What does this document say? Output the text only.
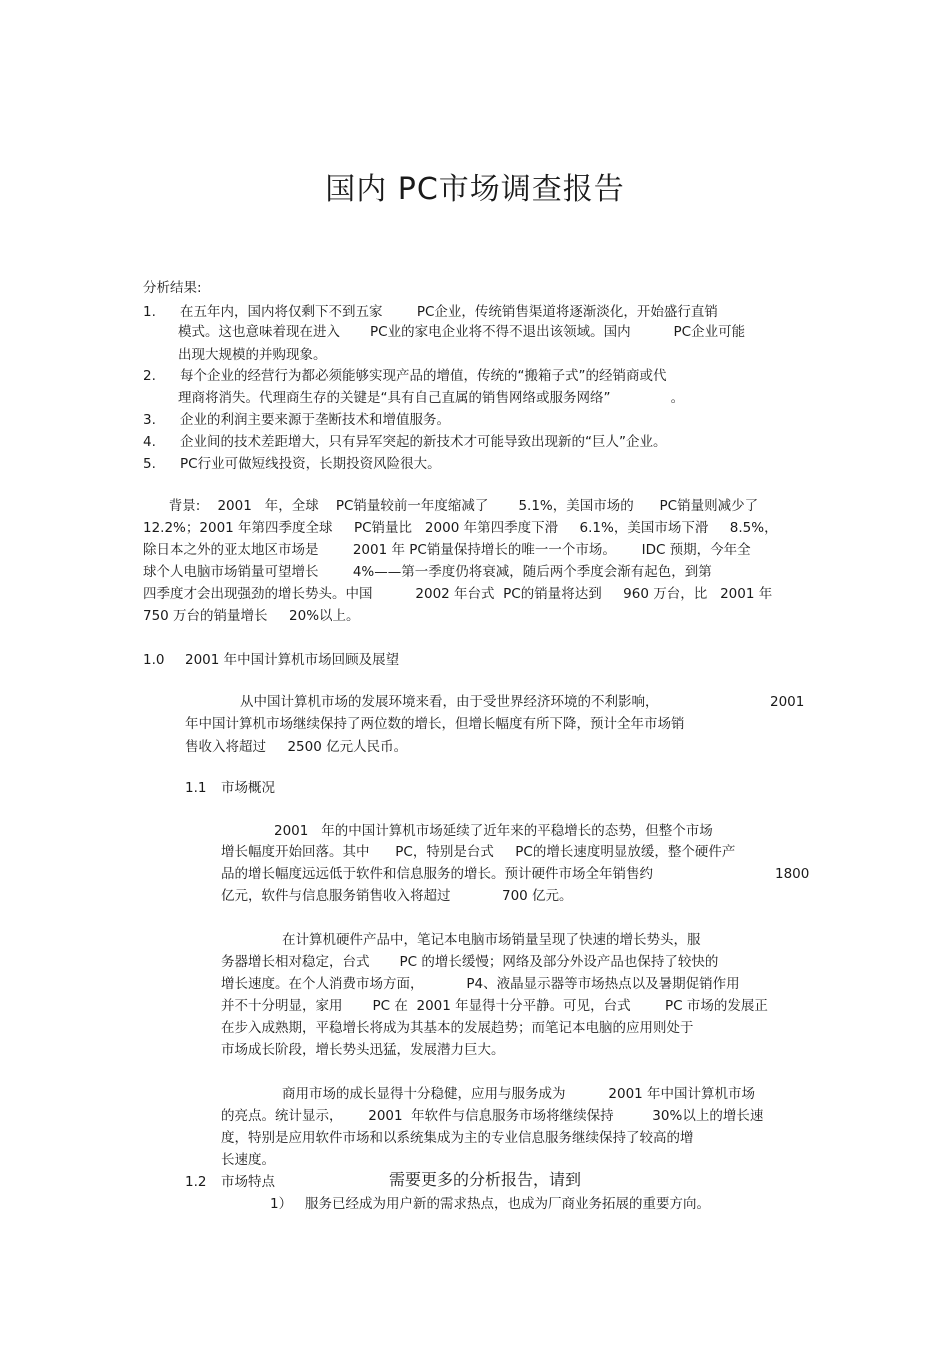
国内 PC市场调查报告
分析结果:
1. 在五年内，国内将仅剩下不到五家        PC企业，传统销售渠道将逐渐淡化，开始盛行直销
模式。这也意味着现在进入       PC业的家电企业将不得不退出该领域。国内          PC企业可能
出现大规模的并购现象。
2. 每个企业的经营行为都必须能够实现产品的增值，传统的“搬箱子式”的经销商或代
理商将消失。代理商生存的关键是“具有自己直属的销售网络或服务网络”              。
3. 企业的利润主要来源于垄断技术和增值服务。
4. 企业间的技术差距增大，只有异军突起的新技术才可能导致出现新的“巨人”企业。
5. PC行业可做短线投资，长期投资风险很大。
背景:    2001   年，全球    PC销量较前一年度缩减了       5.1%，美国市场的      PC销量则减少了
12.2%；2001 年第四季度全球     PC销量比   2000 年第四季度下滑     6.1%，美国市场下滑     8.5%，
除日本之外的亚太地区市场是        2001 年 PC销量保持增长的唯一一个市场。      IDC 预期，今年全
球个人电脑市场销量可望增长        4%——第一季度仍将衰减，随后两个季度会渐有起色，到第
四季度才会出现强劲的增长势头。中国          2002 年台式  PC的销量将达到     960 万台，比   2001 年
750 万台的销量增长     20%以上。
1.0 2001 年中国计算机市场回顾及展望
从中国计算机市场的发展环境来看，由于受世界经济环境的不利影响，	2001
年中国计算机市场继续保持了两位数的增长，但增长幅度有所下降，预计全年市场销
售收入将超过     2500 亿元人民币。
1.1 市场概况
2001   年的中国计算机市场延续了近年来的平稳增长的态势，但整个市场
增长幅度开始回落。其中      PC，特别是台式     PC的增长速度明显放缓，整个硬件产
品的增长幅度远远低于软件和信息服务的增长。预计硬件市场全年销售约	1800
亿元，软件与信息服务销售收入将超过            700 亿元。
在计算机硬件产品中，笔记本电脑市场销量呈现了快速的增长势头，服
务器增长相对稳定，台式       PC 的增长缓慢；网络及部分外设产品也保持了较快的
增长速度。在个人消费市场方面，          P4、液晶显示器等市场热点以及暑期促销作用
并不十分明显，家用       PC 在  2001 年显得十分平静。可见，台式        PC 市场的发展正
在步入成熟期，平稳增长将成为其基本的发展趋势；而笔记本电脑的应用则处于
市场成长阶段，增长势头迅猛，发展潜力巨大。
商用市场的成长显得十分稳健，应用与服务成为          2001 年中国计算机市场
的亮点。统计显示，      2001  年软件与信息服务市场将继续保持         30%以上的增长速
度，特别是应用软件市场和以系统集成为主的专业信息服务继续保持了较高的增
长速度。
1.2 市场特点	需要更多的分析报告，请到
1） 服务已经成为用户新的需求热点，也成为厂商业务拓展的重要方向。
